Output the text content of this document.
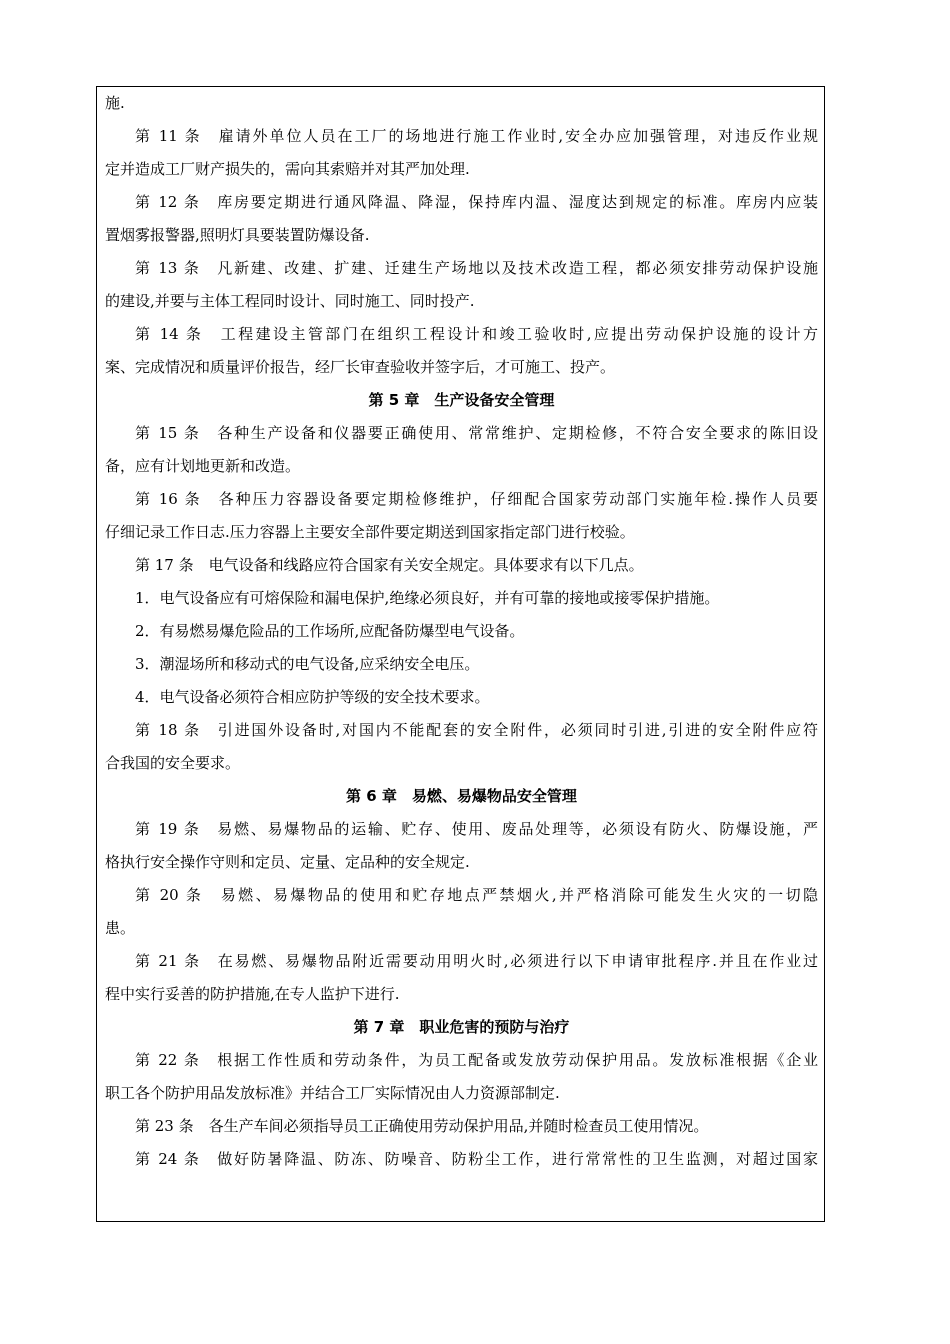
施.
第 11 条　雇请外单位人员在工厂的场地进行施工作业时,安全办应加强管理，对违反作业规
定并造成工厂财产损失的，需向其索赔并对其严加处理.
第 12 条　库房要定期进行通风降温、降湿，保持库内温、湿度达到规定的标准。库房内应装
置烟雾报警器,照明灯具要装置防爆设备.
第 13 条　凡新建、改建、扩建、迁建生产场地以及技术改造工程，都必须安排劳动保护设施
的建设,并要与主体工程同时设计、同时施工、同时投产.
第 14 条　工程建设主管部门在组织工程设计和竣工验收时,应提出劳动保护设施的设计方
案、完成情况和质量评价报告，经厂长审查验收并签字后，才可施工、投产。
第 5 章　生产设备安全管理
第 15 条　各种生产设备和仪器要正确使用、常常维护、定期检修，不符合安全要求的陈旧设
备，应有计划地更新和改造。
第 16 条　各种压力容器设备要定期检修维护，仔细配合国家劳动部门实施年检.操作人员要
仔细记录工作日志.压力容器上主要安全部件要定期送到国家指定部门进行校验。
第 17 条　电气设备和线路应符合国家有关安全规定。具体要求有以下几点。
1．电气设备应有可熔保险和漏电保护,绝缘必须良好，并有可靠的接地或接零保护措施。
2．有易燃易爆危险品的工作场所,应配备防爆型电气设备。
3．潮湿场所和移动式的电气设备,应采纳安全电压。
4．电气设备必须符合相应防护等级的安全技术要求。
第 18 条　引进国外设备时,对国内不能配套的安全附件，必须同时引进,引进的安全附件应符
合我国的安全要求。
第 6 章　易燃、易爆物品安全管理
第 19 条　易燃、易爆物品的运输、贮存、使用、废品处理等，必须设有防火、防爆设施，严
格执行安全操作守则和定员、定量、定品种的安全规定.
第 20 条　易燃、易爆物品的使用和贮存地点严禁烟火,并严格消除可能发生火灾的一切隐
患。
第 21 条　在易燃、易爆物品附近需要动用明火时,必须进行以下申请审批程序.并且在作业过
程中实行妥善的防护措施,在专人监护下进行.
第 7 章　职业危害的预防与治疗
第 22 条　根据工作性质和劳动条件，为员工配备或发放劳动保护用品。发放标准根据《企业
职工各个防护用品发放标准》并结合工厂实际情况由人力资源部制定.
第 23 条　各生产车间必须指导员工正确使用劳动保护用品,并随时检查员工使用情况。
第 24 条　做好防暑降温、防冻、防噪音、防粉尘工作，进行常常性的卫生监测，对超过国家
